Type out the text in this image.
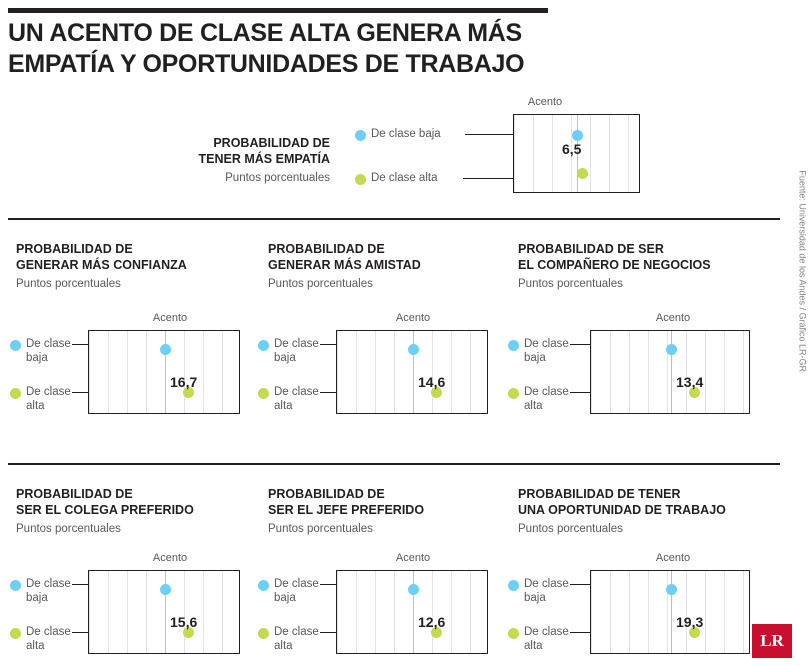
UN ACENTO DE CLASE ALTA GENERA MÁS EMPATÍA Y OPORTUNIDADES DE TRABAJO
PROBABILIDAD DE
TENER MÁS EMPATÍA
Puntos porcentuales
Acento
De clase baja
De clase alta
6,5
PROBABILIDAD DE
GENERAR MÁS CONFIANZA
Puntos porcentuales
Acento
De clase
baja
De clase
alta
16,7
PROBABILIDAD DE
GENERAR MÁS AMISTAD
Puntos porcentuales
Acento
De clase
baja
De clase
alta
14,6
PROBABILIDAD DE SER
EL COMPAÑERO DE NEGOCIOS
Puntos porcentuales
Acento
De clase
baja
De clase
alta
13,4
PROBABILIDAD DE
SER EL COLEGA PREFERIDO
Puntos porcentuales
Acento
De clase
baja
De clase
alta
15,6
PROBABILIDAD DE
SER EL JEFE PREFERIDO
Puntos porcentuales
Acento
De clase
baja
De clase
alta
12,6
PROBABILIDAD DE TENER
UNA OPORTUNIDAD DE TRABAJO
Puntos porcentuales
Acento
De clase
baja
De clase
alta
19,3
Fuente: Universidad de los Andes / Gráfico LR-GR
LR
